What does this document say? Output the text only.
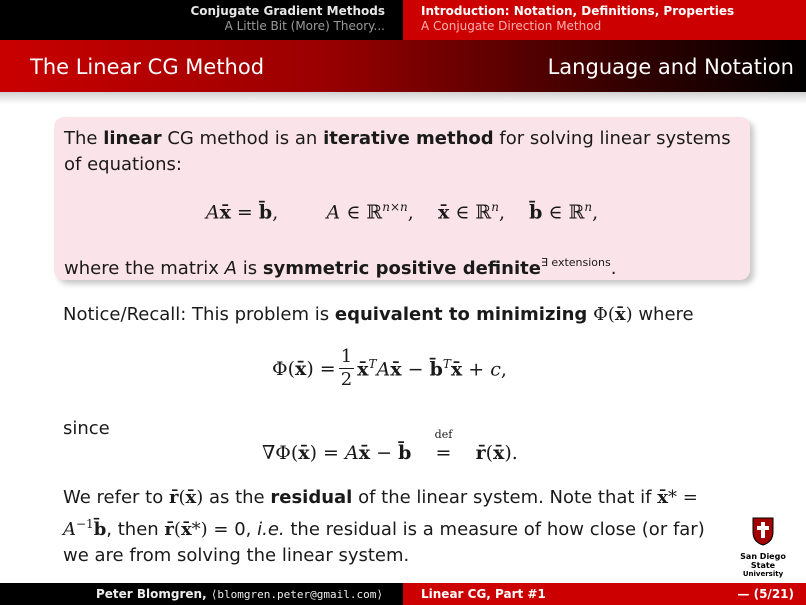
Conjugate Gradient Methods
A Little Bit (More) Theory...
Introduction: Notation, Definitions, Properties
A Conjugate Direction Method
The Linear CG Method	Language and Notation
The linear CG method is an iterative method for solving linear systems of equations:
Ax̄ = b̄,        A ∈ ℝ$^{n\times n}$,    x̄ ∈ ℝ$^n$,    b̄ ∈ ℝ$^n$,
where the matrix A is symmetric positive definite$^{\exists extensions}$.
Notice/Recall: This problem is equivalent to minimizing Φ(x̄) where
Φ(x̄) = $\frac{1}{2}$ x̄$^T$Ax̄ − b̄$^T$x̄ + c,
since
∇Φ(x̄) = Ax̄ − b̄
def
= r̄(x̄).
We refer to r̄(x̄) as the residual of the linear system. Note that if x̄* = $A^{-1}b̄$, then r̄(x̄*) = 0, i.e. the residual is a measure of how close (or far) we are from solving the linear system.	San Diego State
University
Peter Blomgren, ⟨blomgren.peter@gmail.com⟩	Linear CG, Part #1	— (5/21)
